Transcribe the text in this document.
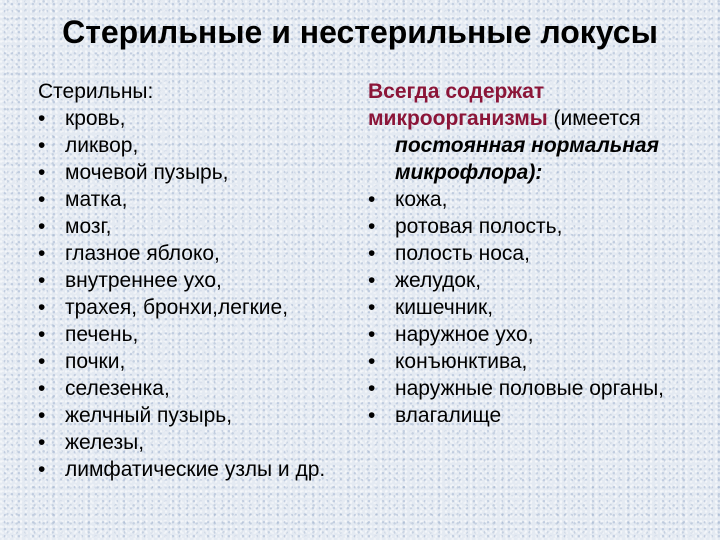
Стерильные и нестерильные локусы
Стерильны:
• кровь,
• ликвор,
• мочевой пузырь,
• матка,
• мозг,
• глазное яблоко,
• внутреннее ухо,
• трахея, бронхи,легкие,
• печень,
• почки,
• селезенка,
• желчный пузырь,
• железы,
• лимфатические узлы и др.
Всегда содержат микроорганизмы (имеется
постоянная нормальная микрофлора):
• кожа,
• ротовая полость,
• полость носа,
• желудок,
• кишечник,
• наружное ухо,
• конъюнктива,
• наружные половые органы,
• влагалище
